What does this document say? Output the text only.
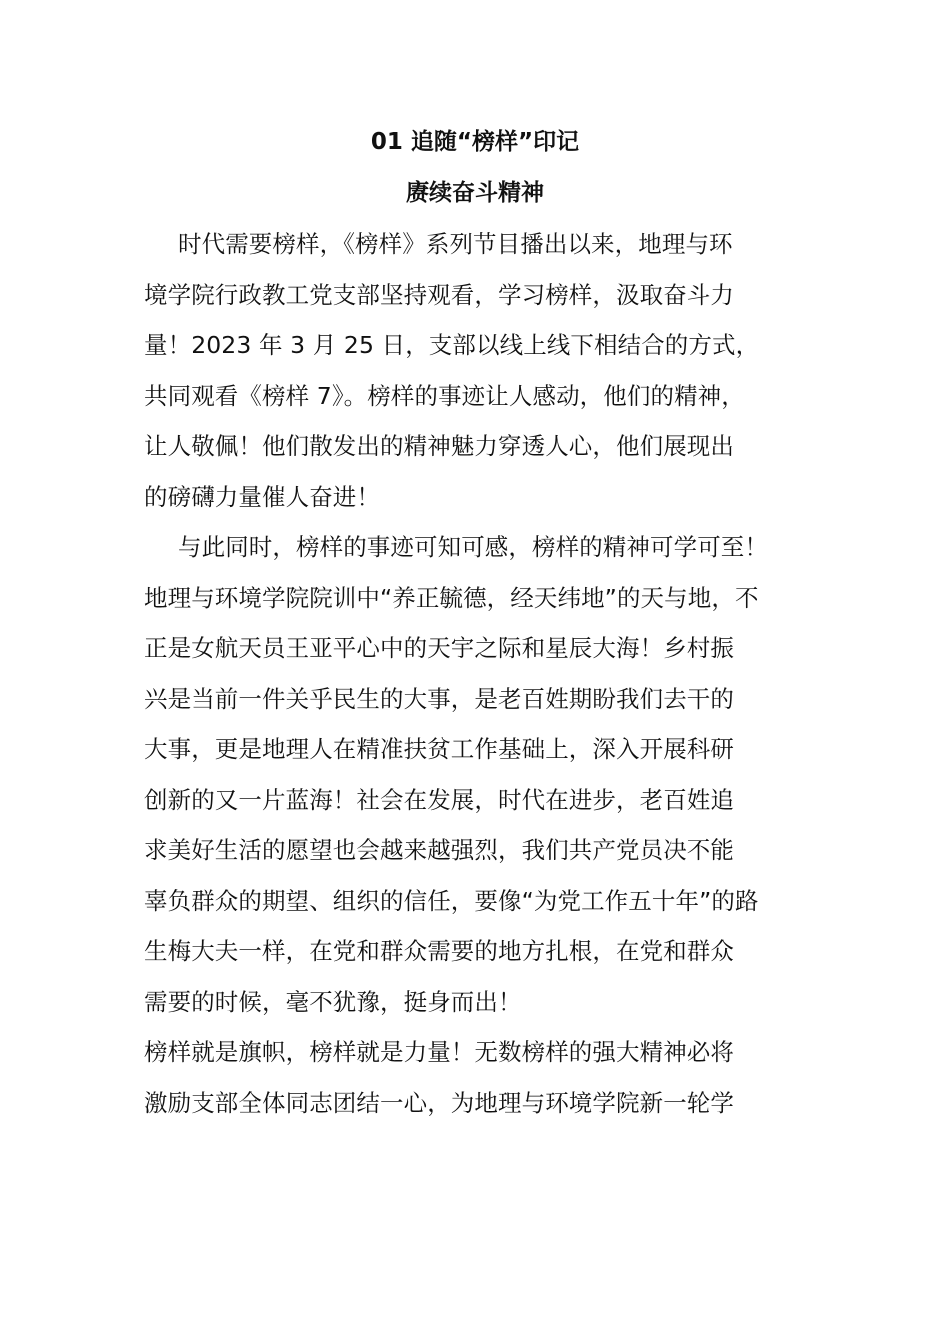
01 追随“榜样”印记
赓续奋斗精神
时代需要榜样，《榜样》系列节目播出以来，地理与环
境学院行政教工党支部坚持观看，学习榜样，汲取奋斗力
量！2023 年 3 月 25 日，支部以线上线下相结合的方式，
共同观看《榜样 7》。榜样的事迹让人感动，他们的精神，
让人敬佩！他们散发出的精神魅力穿透人心，他们展现出
的磅礴力量催人奋进！
与此同时，榜样的事迹可知可感，榜样的精神可学可至！
地理与环境学院院训中“养正毓德，经天纬地”的天与地，不
正是女航天员王亚平心中的天宇之际和星辰大海！乡村振
兴是当前一件关乎民生的大事，是老百姓期盼我们去干的
大事，更是地理人在精准扶贫工作基础上，深入开展科研
创新的又一片蓝海！社会在发展，时代在进步，老百姓追
求美好生活的愿望也会越来越强烈，我们共产党员决不能
辜负群众的期望、组织的信任，要像“为党工作五十年”的路
生梅大夫一样，在党和群众需要的地方扎根，在党和群众
需要的时候，毫不犹豫，挺身而出！
榜样就是旗帜，榜样就是力量！无数榜样的强大精神必将
激励支部全体同志团结一心，为地理与环境学院新一轮学
